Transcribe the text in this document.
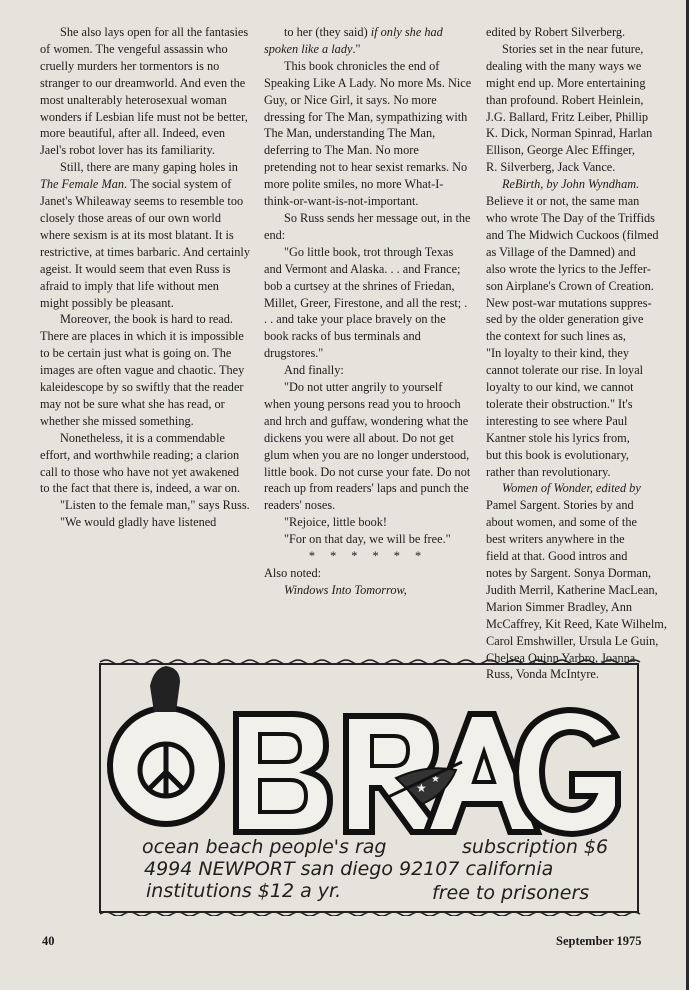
She also lays open for all the fantasies of women. The vengeful assassin who cruelly murders her tormentors is no stranger to our dreamworld. And even the most unalterably heterosexual woman wonders if Lesbian life must not be better, more beautiful, after all. Indeed, even Jael's robot lover has its familiarity.

Still, there are many gaping holes in The Female Man. The social system of Janet's Whileaway seems to resemble too closely those areas of our own world where sexism is at its most blatant. It is restrictive, at times barbaric. And certainly ageist. It would seem that even Russ is afraid to imply that life without men might possibly be pleasant.

Moreover, the book is hard to read. There are places in which it is impossible to be certain just what is going on. The images are often vague and chaotic. They kaleidescope by so swiftly that the reader may not be sure what she has read, or whether she missed something.

Nonetheless, it is a commendable effort, and worthwhile reading; a clarion call to those who have not yet awakened to the fact that there is, indeed, a war on.

"Listen to the female man," says Russ.

"We would gladly have listened

to her (they said) if only she had spoken like a lady."

This book chronicles the end of Speaking Like A Lady. No more Ms. Nice Guy, or Nice Girl, it says. No more dressing for The Man, sympathizing with The Man, understanding The Man, deferring to The Man. No more pretending not to hear sexist remarks. No more polite smiles, no more What-I-think-or-want-is-not-important.

So Russ sends her message out, in the end:

"Go little book, trot through Texas and Vermont and Alaska. . . and France; bob a curtsey at the shrines of Friedan, Millet, Greer, Firestone, and all the rest; . . . and take your place bravely on the book racks of bus terminals and drugstores."

And finally:

"Do not utter angrily to yourself when young persons read you to hrooch and hrch and guffaw, wondering what the dickens you were all about. Do not get glum when you are no longer understood, little book. Do not curse your fate. Do not reach up from readers' laps and punch the readers' noses.

"Rejoice, little book!

"For on that day, we will be free."

* * * * * *

Also noted:

Windows Into Tomorrow,

edited by Robert Silverberg.
Stories set in the near future,
dealing with the many ways we
might end up. More entertaining
than profound. Robert Heinlein,
J.G. Ballard, Fritz Leiber, Phillip
K. Dick, Norman Spinrad, Harlan
Ellison, George Alec Effinger,
R. Silverberg, Jack Vance.
ReBirth, by John Wyndham.
Believe it or not, the same man
who wrote The Day of the Triffids
and The Midwich Cuckoos (filmed
as Village of the Damned) and
also wrote the lyrics to the Jeffer-
son Airplane's Crown of Creation.
New post-war mutations suppres-
sed by the older generation give
the context for such lines as,
"In loyalty to their kind, they
cannot tolerate our rise. In loyal
loyalty to our kind, we cannot
tolerate their obstruction." It's
interesting to see where Paul
Kantner stole his lyrics from,
but this book is evolutionary,
rather than revolutionary.
Women of Wonder, edited by
Pamel Sargent. Stories by and
about women, and some of the
best writers anywhere in the
field at that. Good intros and
notes by Sargent. Sonya Dorman,
Judith Merril, Katherine MacLean,
Marion Simmer Bradley, Ann
McCaffrey, Kit Reed, Kate Wilhelm,
Carol Emshwiller, Ursula Le Guin,
Chelsea Quinn Yarbro, Joanna
Russ, Vonda McIntyre.
★
★
ocean beach people's rag	subscription $6
4994 NEWPORT san diego 92107 california
institutions $12 a yr.	free to prisoners
40	September 1975
